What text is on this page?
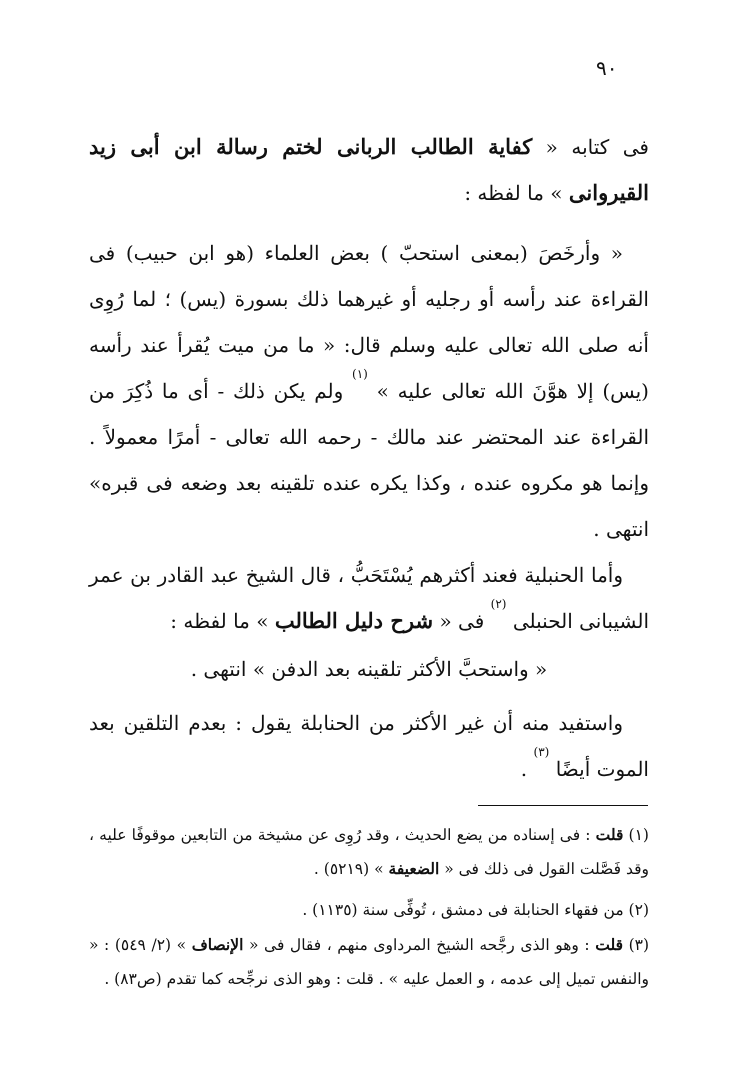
٩٠
فى كتابه « كفاية الطالب الربانى لختم رسالة ابن أبى زيد القيروانى » ما لفظه :
« وأرخَصَ (بمعنى استحبّ ) بعض العلماء (هو ابن حبيب) فى القراءة عند رأسه أو رجليه أو غيرهما ذلك بسورة (يس) ؛ لما رُوِى أنه صلى الله تعالى عليه وسلم قال: « ما من ميت يُقرأ عند رأسه (يس) إلا هوَّنَ الله تعالى عليه » $^{(١)}$ ولم يكن ذلك - أى ما ذُكِرَ من القراءة عند المحتضر عند مالك - رحمه الله تعالى - أمرًا معمولاً . وإنما هو مكروه عنده ، وكذا يكره عنده تلقينه بعد وضعه فى قبره» انتهى .
وأما الحنبلية فعند أكثرهم يُسْتَحَبُّ ، قال الشيخ عبد القادر بن عمر الشيبانى الحنبلى $^{(٢)}$ فى « شرح دليل الطالب » ما لفظه :
« واستحبَّ الأكثر تلقينه بعد الدفن » انتهى .
واستفيد منه أن غير الأكثر من الحنابلة يقول : بعدم التلقين بعد الموت أيضًا $^{(٣)}$ .
(١) قلت : فى إسناده من يضع الحديث ، وقد رُوِى عن مشيخة من التابعين موقوفًا عليه ، وقد فَصَّلت القول فى ذلك فى « الضعيفة » (٥٢١٩) .
(٢) من فقهاء الحنابلة فى دمشق ، تُوفِّى سنة (١١٣٥) .
(٣) قلت : وهو الذى رجَّحه الشيخ المرداوى منهم ، فقال فى « الإنصاف » (٢/ ٥٤٩) : « والنفس تميل إلى عدمه ، و العمل عليه » . قلت : وهو الذى نرجِّحه كما تقدم (ص٨٣) .
